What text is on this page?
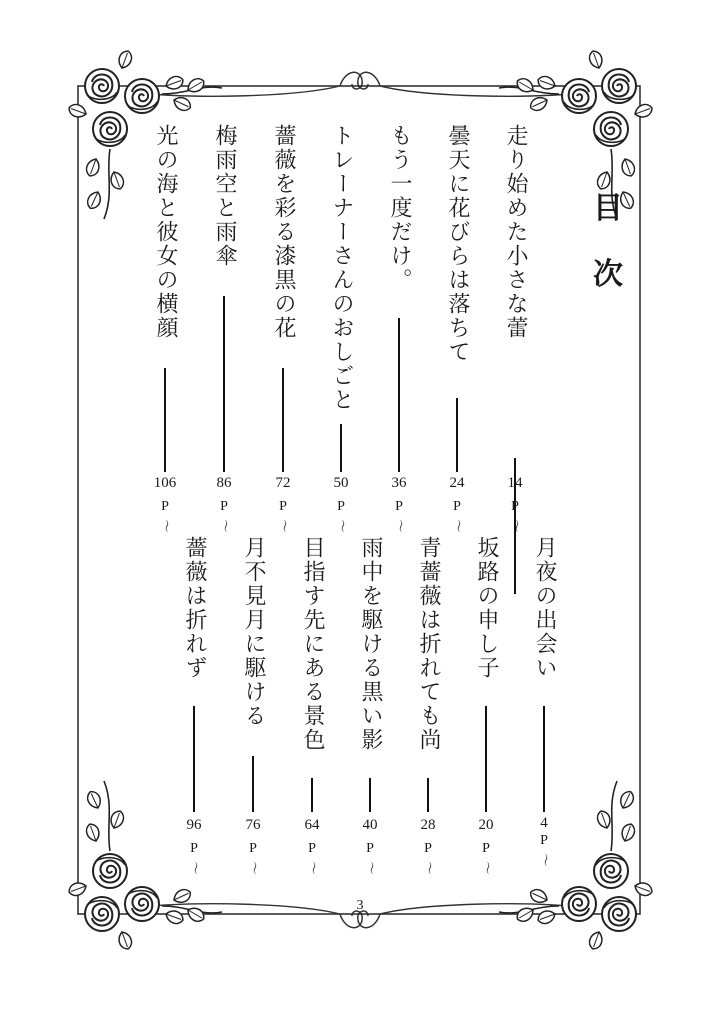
目
次
走り始めた小さな蕾
14
P
〜
曇天に花びらは落ちて
24
P
〜
もう一度だけ。
36
P
〜
トレーナーさんのおしごと
50
P
〜
薔薇を彩る漆黒の花
72
P
〜
梅雨空と雨傘
86
P
〜
光の海と彼女の横顔
106
P
〜
月夜の出会い
4
P
〜
坂路の申し子
20
P
〜
青薔薇は折れても尚
28
P
〜
雨中を駆ける黒い影
40
P
〜
目指す先にある景色
64
P
〜
月不見月に駆ける
76
P
〜
薔薇は折れず
96
P
〜
3
